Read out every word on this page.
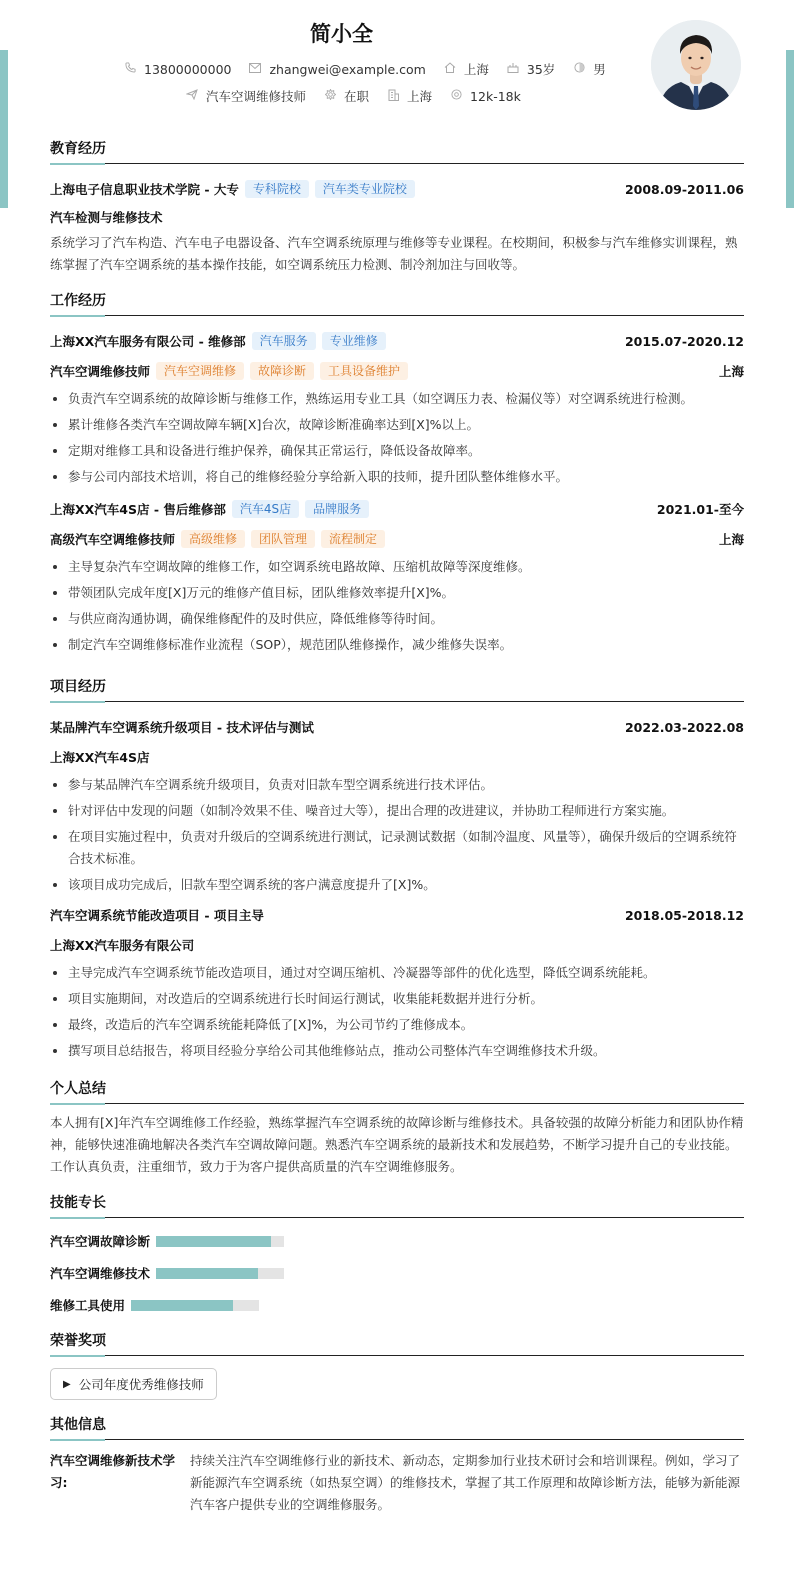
简小全
13800000000	zhangwei@example.com	上海	35岁	男
汽车空调维修技师	在职	上海	12k-18k
教育经历
上海电子信息职业技术学院 - 大专	专科院校	汽车类专业院校	2008.09-2011.06
汽车检测与维修技术
系统学习了汽车构造、汽车电子电器设备、汽车空调系统原理与维修等专业课程。在校期间，积极参与汽车维修实训课程，熟练掌握了汽车空调系统的基本操作技能，如空调系统压力检测、制冷剂加注与回收等。
工作经历
上海XX汽车服务有限公司 - 维修部	汽车服务	专业维修	2015.07-2020.12
汽车空调维修技师	汽车空调维修	故障诊断	工具设备维护	上海
负责汽车空调系统的故障诊断与维修工作，熟练运用专业工具（如空调压力表、检漏仪等）对空调系统进行检测。
累计维修各类汽车空调故障车辆[X]台次，故障诊断准确率达到[X]%以上。
定期对维修工具和设备进行维护保养，确保其正常运行，降低设备故障率。
参与公司内部技术培训，将自己的维修经验分享给新入职的技师，提升团队整体维修水平。
上海XX汽车4S店 - 售后维修部	汽车4S店	品牌服务	2021.01-至今
高级汽车空调维修技师	高级维修	团队管理	流程制定	上海
主导复杂汽车空调故障的维修工作，如空调系统电路故障、压缩机故障等深度维修。
带领团队完成年度[X]万元的维修产值目标，团队维修效率提升[X]%。
与供应商沟通协调，确保维修配件的及时供应，降低维修等待时间。
制定汽车空调维修标准作业流程（SOP），规范团队维修操作，减少维修失误率。
项目经历
某品牌汽车空调系统升级项目 - 技术评估与测试	2022.03-2022.08
上海XX汽车4S店
参与某品牌汽车空调系统升级项目，负责对旧款车型空调系统进行技术评估。
针对评估中发现的问题（如制冷效果不佳、噪音过大等），提出合理的改进建议，并协助工程师进行方案实施。
在项目实施过程中，负责对升级后的空调系统进行测试，记录测试数据（如制冷温度、风量等），确保升级后的空调系统符合技术标准。
该项目成功完成后，旧款车型空调系统的客户满意度提升了[X]%。
汽车空调系统节能改造项目 - 项目主导	2018.05-2018.12
上海XX汽车服务有限公司
主导完成汽车空调系统节能改造项目，通过对空调压缩机、冷凝器等部件的优化选型，降低空调系统能耗。
项目实施期间，对改造后的空调系统进行长时间运行测试，收集能耗数据并进行分析。
最终，改造后的汽车空调系统能耗降低了[X]%，为公司节约了维修成本。
撰写项目总结报告，将项目经验分享给公司其他维修站点，推动公司整体汽车空调维修技术升级。
个人总结
本人拥有[X]年汽车空调维修工作经验，熟练掌握汽车空调系统的故障诊断与维修技术。具备较强的故障分析能力和团队协作精神，能够快速准确地解决各类汽车空调故障问题。熟悉汽车空调系统的最新技术和发展趋势，不断学习提升自己的专业技能。工作认真负责，注重细节，致力于为客户提供高质量的汽车空调维修服务。
技能专长
汽车空调故障诊断
汽车空调维修技术
维修工具使用
荣誉奖项
▶ 公司年度优秀维修技师
其他信息
汽车空调维修新技术学习:
持续关注汽车空调维修行业的新技术、新动态，定期参加行业技术研讨会和培训课程。例如，学习了新能源汽车空调系统（如热泵空调）的维修技术，掌握了其工作原理和故障诊断方法，能够为新能源汽车客户提供专业的空调维修服务。
